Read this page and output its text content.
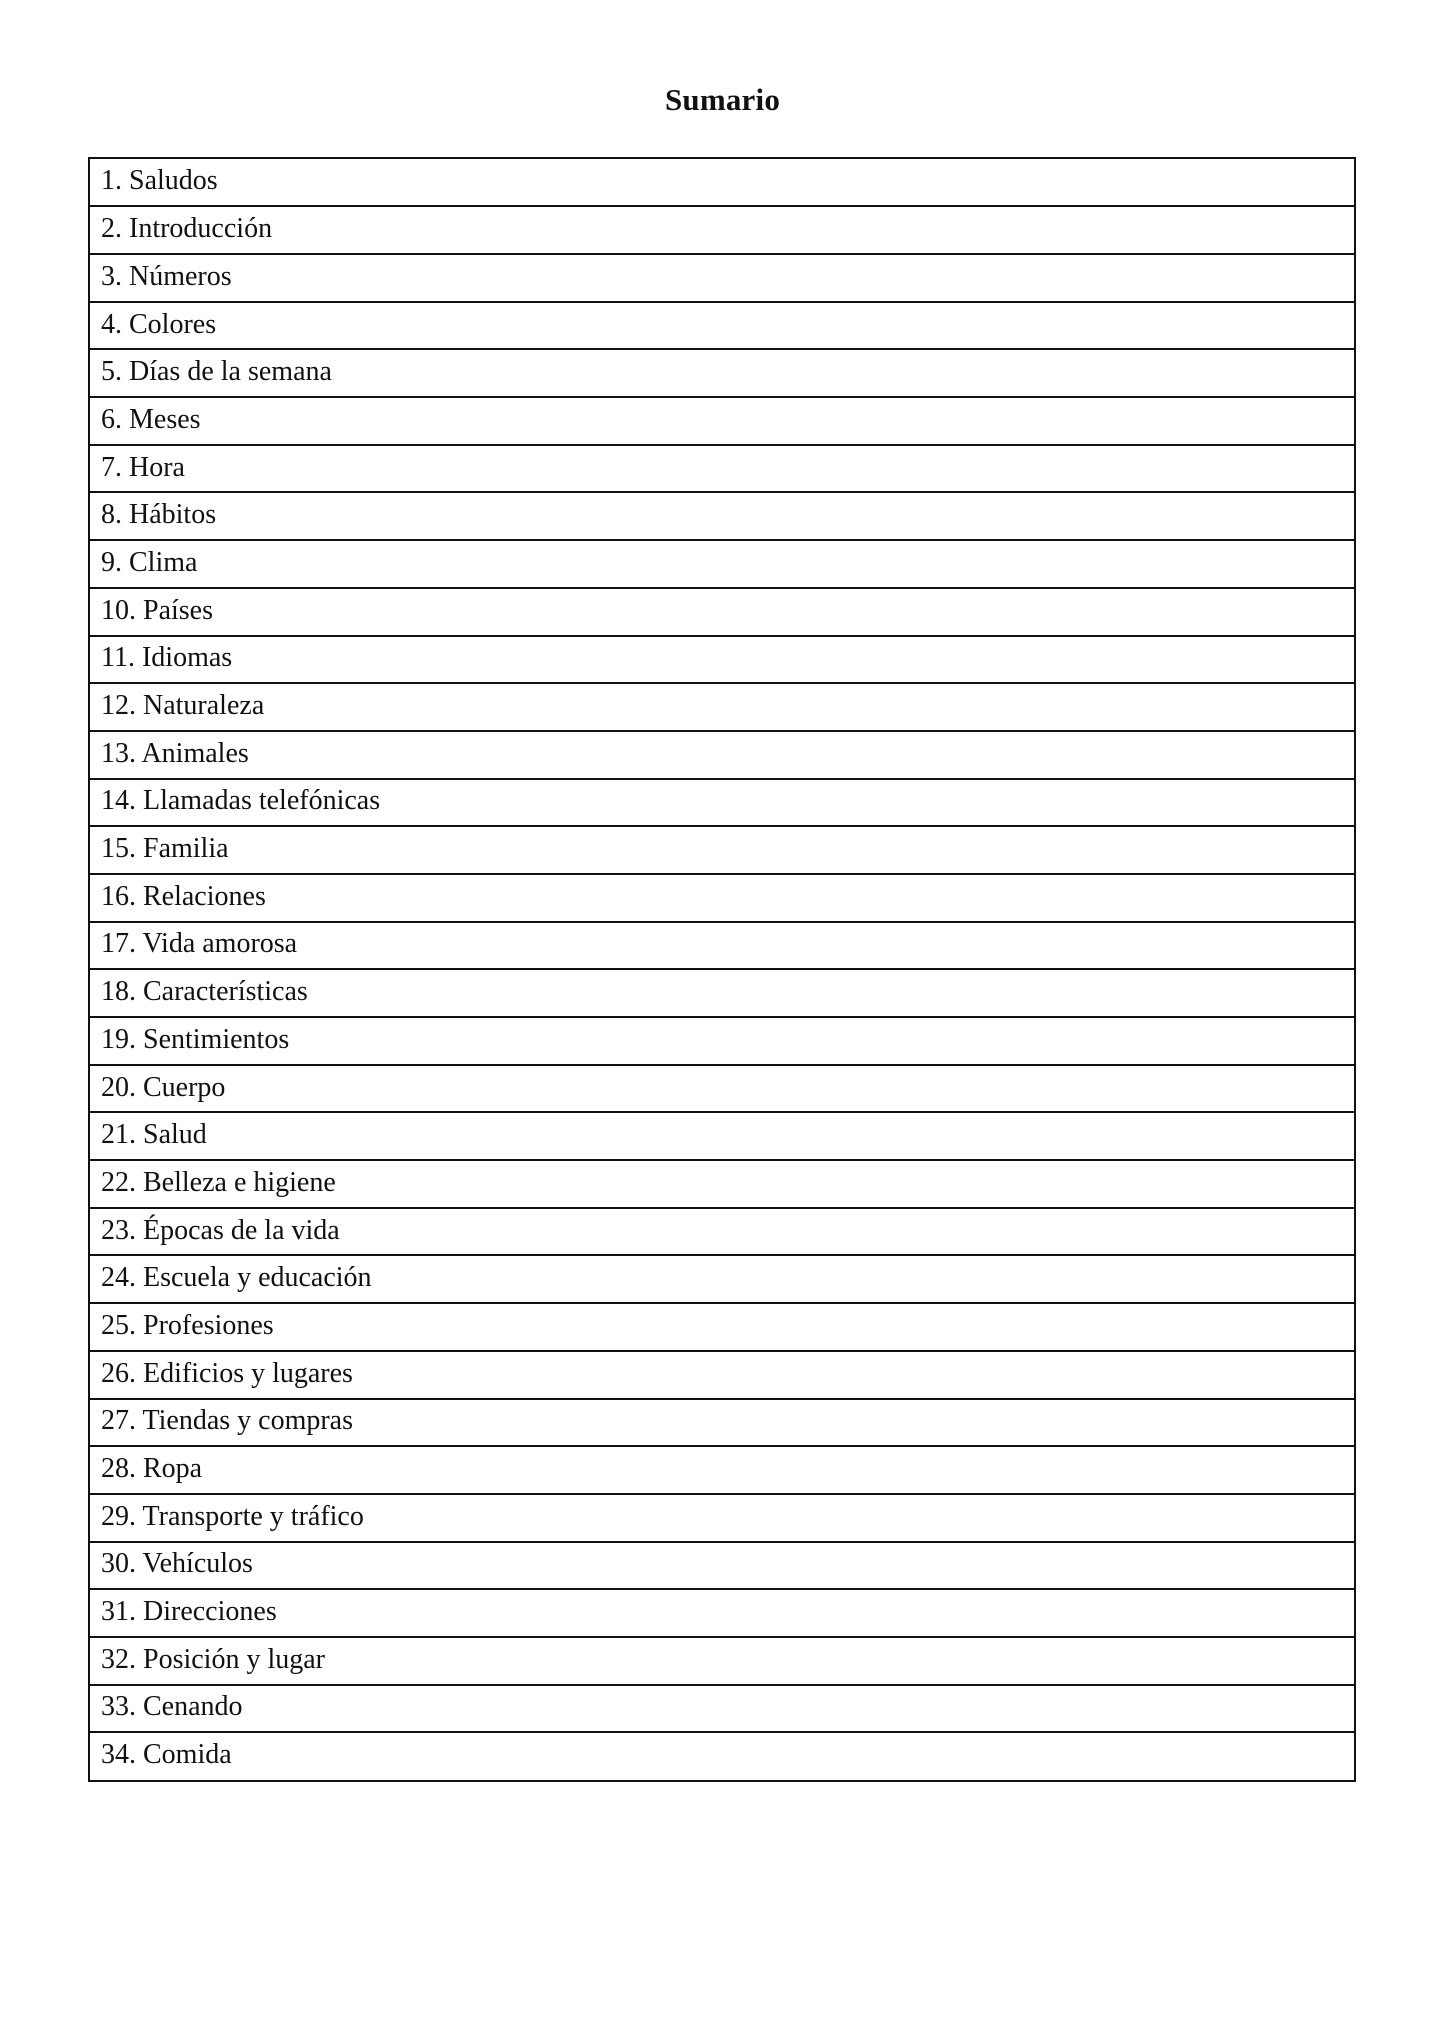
Sumario
1. Saludos
2. Introducción
3. Números
4. Colores
5. Días de la semana
6. Meses
7. Hora
8. Hábitos
9. Clima
10. Países
11. Idiomas
12. Naturaleza
13. Animales
14. Llamadas telefónicas
15. Familia
16. Relaciones
17. Vida amorosa
18. Características
19. Sentimientos
20. Cuerpo
21. Salud
22. Belleza e higiene
23. Épocas de la vida
24. Escuela y educación
25. Profesiones
26. Edificios y lugares
27. Tiendas y compras
28. Ropa
29. Transporte y tráfico
30. Vehículos
31. Direcciones
32. Posición y lugar
33. Cenando
34. Comida
